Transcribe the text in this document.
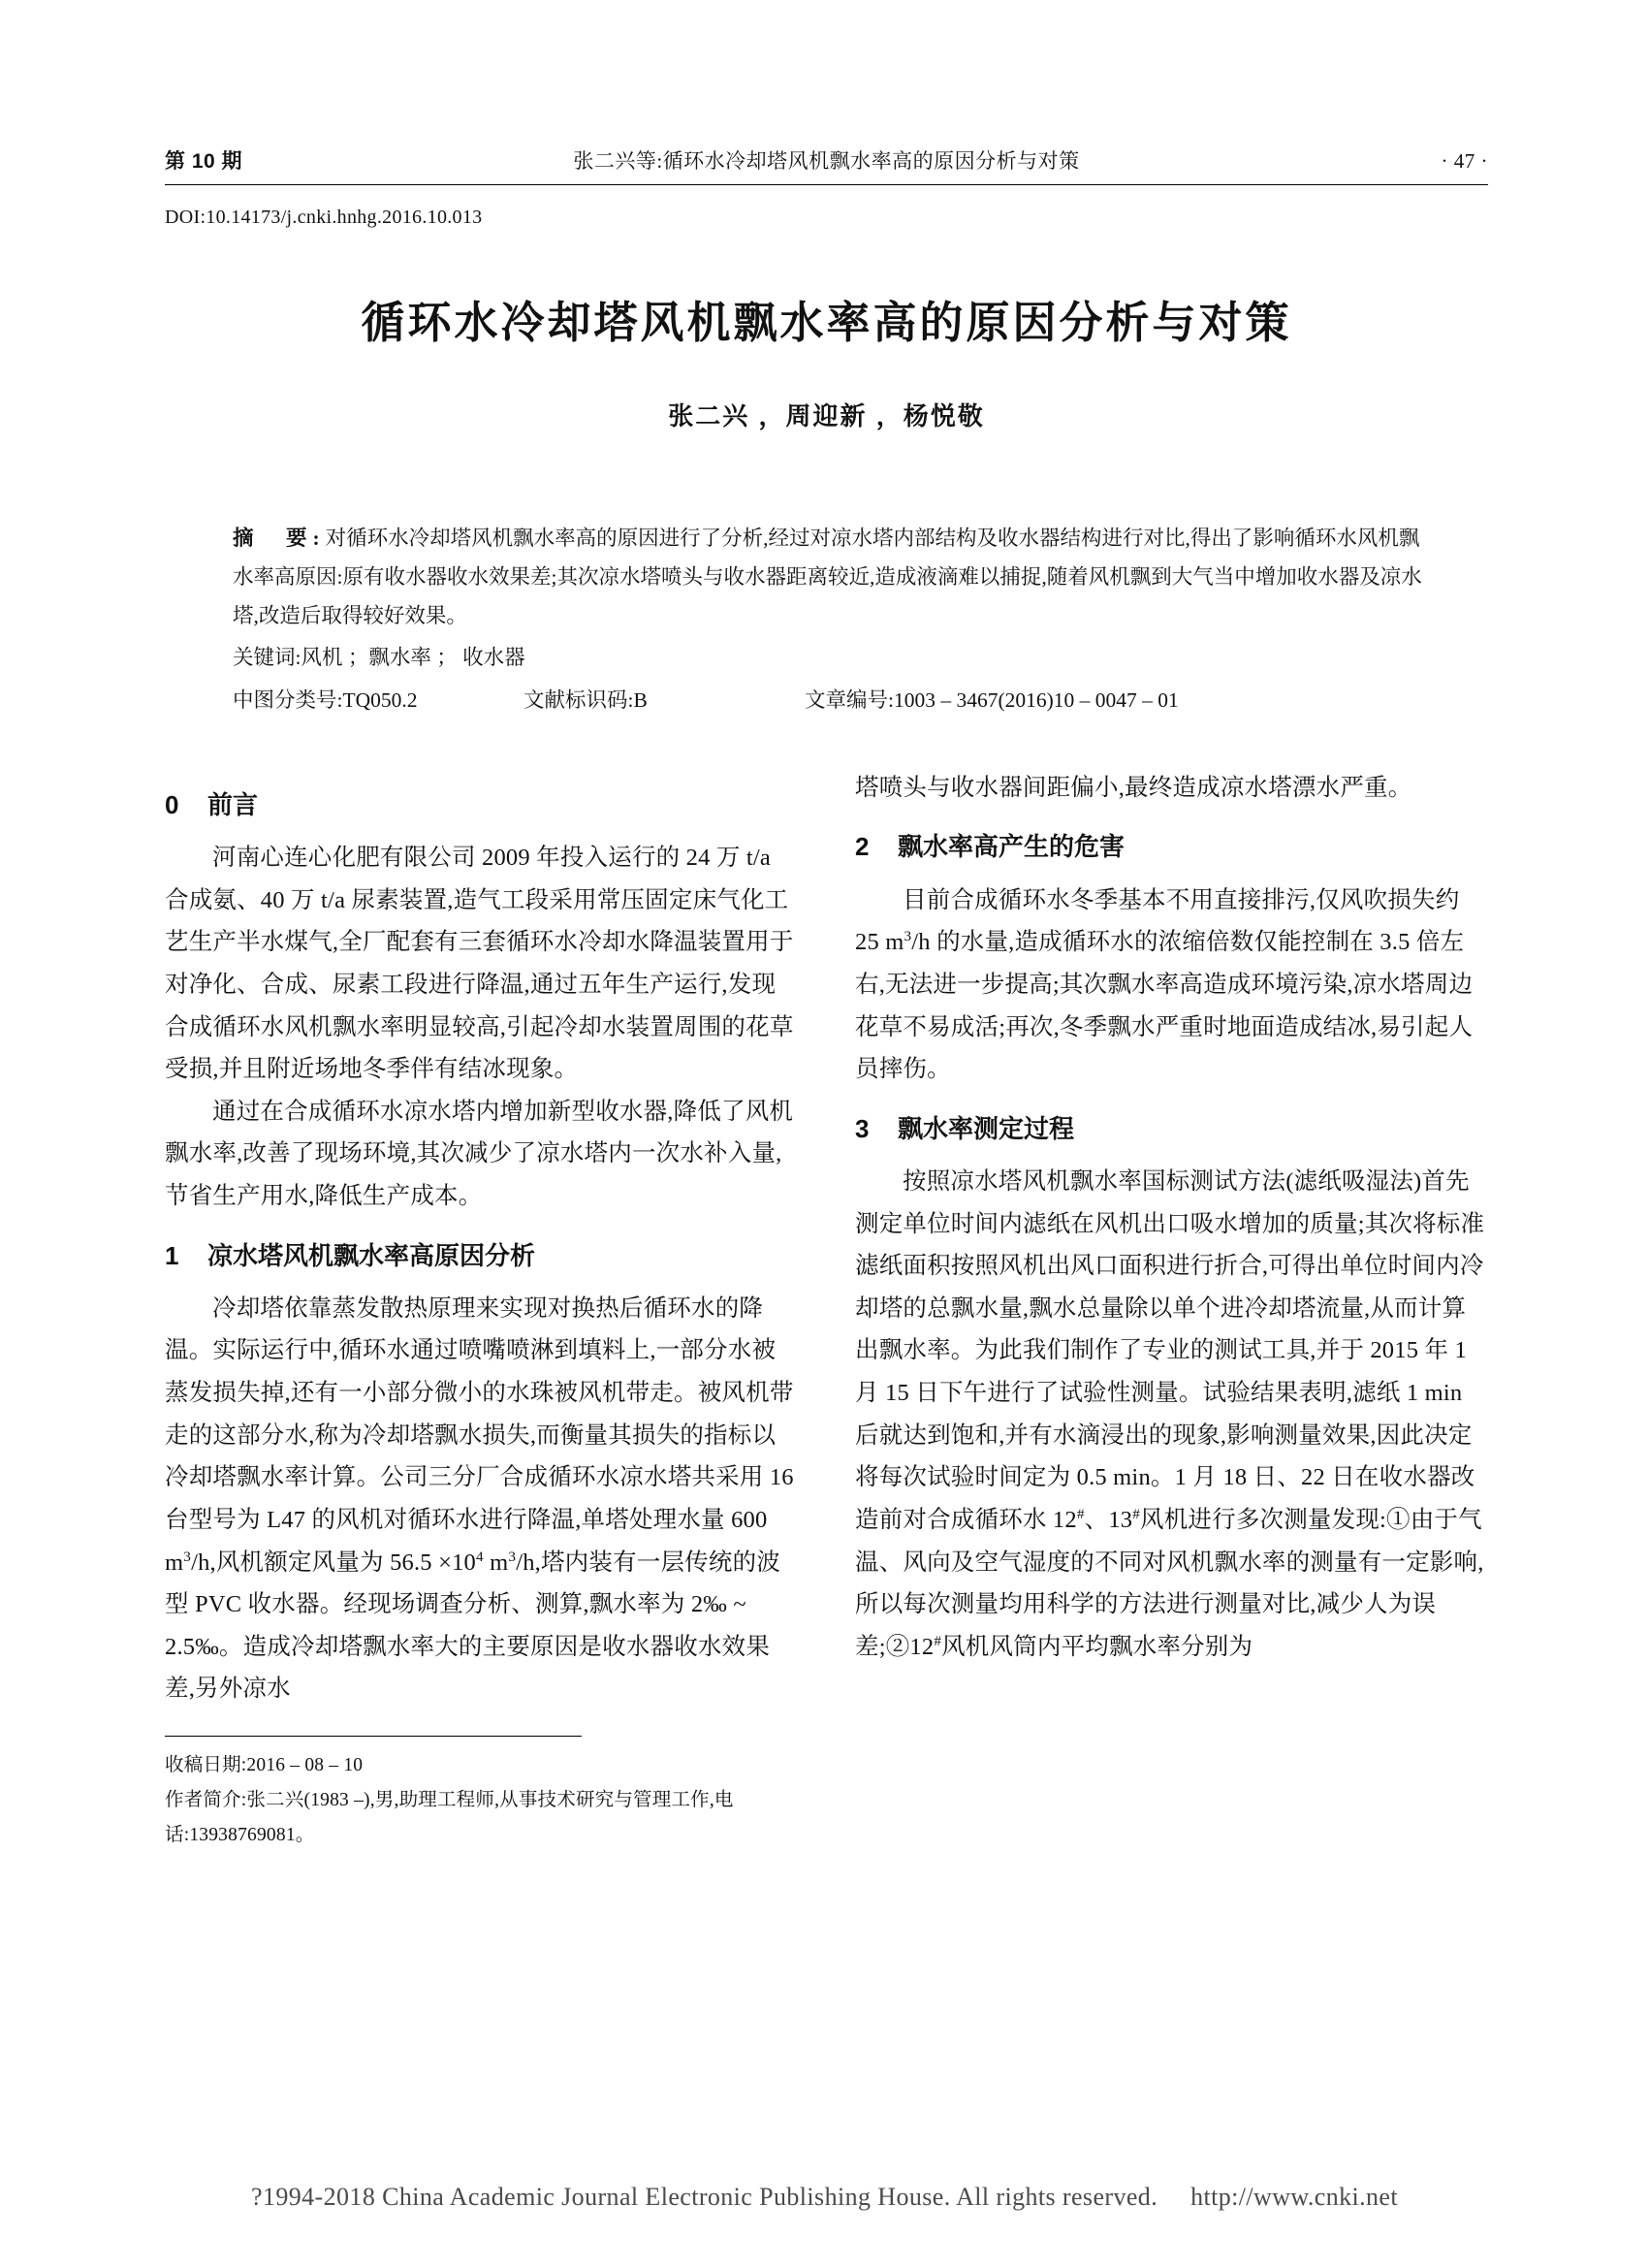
第 10 期	张二兴等:循环水冷却塔风机飘水率高的原因分析与对策	· 47 ·
DOI:10.14173/j.cnki.hnhg.2016.10.013
循环水冷却塔风机飘水率高的原因分析与对策
张二兴 ，周迎新 ，杨悦敬
摘　要:对循环水冷却塔风机飘水率高的原因进行了分析,经过对凉水塔内部结构及收水器结构进行对比,得出了影响循环水风机飘水率高原因:原有收水器收水效果差;其次凉水塔喷头与收水器距离较近,造成液滴难以捕捉,随着风机飘到大气当中增加收水器及凉水塔,改造后取得较好效果。
关键词:风机 ；飘水率 ； 收水器
中图分类号:TQ050.2	文献标识码:B	文章编号:1003 – 3467(2016)10 – 0047 – 01
0 前言

河南心连心化肥有限公司 2009 年投入运行的 24 万 t/a 合成氨、40 万 t/a 尿素装置,造气工段采用常压固定床气化工艺生产半水煤气,全厂配套有三套循环水冷却水降温装置用于对净化、合成、尿素工段进行降温,通过五年生产运行,发现合成循环水风机飘水率明显较高,引起冷却水装置周围的花草受损,并且附近场地冬季伴有结冰现象。

通过在合成循环水凉水塔内增加新型收水器,降低了风机飘水率,改善了现场环境,其次减少了凉水塔内一次水补入量,节省生产用水,降低生产成本。

1 凉水塔风机飘水率高原因分析

冷却塔依靠蒸发散热原理来实现对换热后循环水的降温。实际运行中,循环水通过喷嘴喷淋到填料上,一部分水被蒸发损失掉,还有一小部分微小的水珠被风机带走。被风机带走的这部分水,称为冷却塔飘水损失,而衡量其损失的指标以冷却塔飘水率计算。公司三分厂合成循环水凉水塔共采用 16 台型号为 L47 的风机对循环水进行降温,单塔处理水量 600 $m^3/h$,风机额定风量为 $56.5 \times 10^4$ $m^3/h$,塔内装有一层传统的波型 PVC 收水器。经现场调查分析、测算,飘水率为 2‰ ~ 2.5‰。造成冷却塔飘水率大的主要原因是收水器收水效果差,另外凉水

收稿日期:2016 – 08 – 10
作者简介:张二兴(1983 –),男,助理工程师,从事技术研究与管理工作,电话:13938769081。

塔喷头与收水器间距偏小,最终造成凉水塔漂水严重。

2 飘水率高产生的危害

目前合成循环水冬季基本不用直接排污,仅风吹损失约 25 $m^3/h$ 的水量,造成循环水的浓缩倍数仅能控制在 3.5 倍左右,无法进一步提高;其次飘水率高造成环境污染,凉水塔周边花草不易成活;再次,冬季飘水严重时地面造成结冰,易引起人员摔伤。

3 飘水率测定过程

按照凉水塔风机飘水率国标测试方法(滤纸吸湿法)首先测定单位时间内滤纸在风机出口吸水增加的质量;其次将标准滤纸面积按照风机出风口面积进行折合,可得出单位时间内冷却塔的总飘水量,飘水总量除以单个进冷却塔流量,从而计算出飘水率。为此我们制作了专业的测试工具,并于 2015 年 1 月 15 日下午进行了试验性测量。试验结果表明,滤纸 1 min 后就达到饱和,并有水滴浸出的现象,影响测量效果,因此决定将每次试验时间定为 0.5 min。1 月 18 日、22 日在收水器改造前对合成循环水 12#、13#风机进行多次测量发现:①由于气温、风向及空气湿度的不同对风机飘水率的测量有一定影响,所以每次测量均用科学的方法进行测量对比,减少人为误差;②12#风机风筒内平均飘水率分别为

?1994-2018 China Academic Journal Electronic Publishing House. All rights reserved. http://www.cnki.net
